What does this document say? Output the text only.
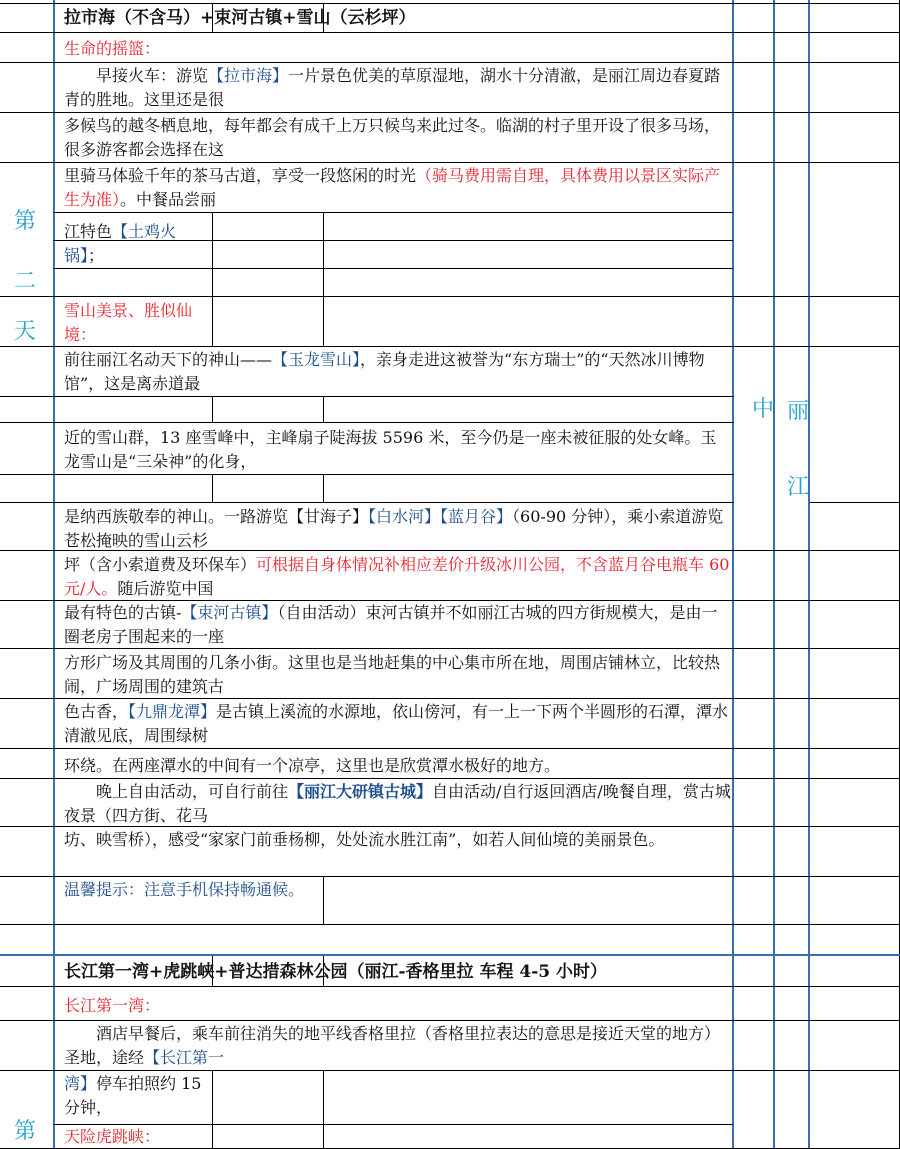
拉市海（不含马）+束河古镇+雪山（云杉坪）
第
二
天
生命的摇篮：
早接火车：游览【拉市海】一片景色优美的草原湿地，湖水十分清澈，是丽江周边春夏踏青的胜地。这里还是很
多候鸟的越冬栖息地，每年都会有成千上万只候鸟来此过冬。临湖的村子里开设了很多马场，很多游客都会选择在这
里骑马体验千年的茶马古道，享受一段悠闲的时光（骑马费用需自理，具体费用以景区实际产生为准）。中餐品尝丽
江特色【土鸡火锅】；
雪山美景、胜似仙境：
前往丽江名动天下的神山——【玉龙雪山】，亲身走进这被誉为“东方瑞士”的“天然冰川博物馆”，这是离赤道最
近的雪山群，13 座雪峰中，主峰扇子陡海拔 5596 米，至今仍是一座未被征服的处女峰。玉龙雪山是“三朵神”的化身，
是纳西族敬奉的神山。一路游览【甘海子】【白水河】【蓝月谷】（60-90 分钟），乘小索道游览苍松掩映的雪山云杉
坪（含小索道费及环保车）可根据自身体情况补相应差价升级冰川公园，不含蓝月谷电瓶车 60 元/人。随后游览中国
最有特色的古镇-【束河古镇】（自由活动）束河古镇并不如丽江古城的四方街规模大，是由一圈老房子围起来的一座
方形广场及其周围的几条小街。这里也是当地赶集的中心集市所在地，周围店铺林立，比较热闹，广场周围的建筑古
色古香，【九鼎龙潭】是古镇上溪流的水源地，依山傍河，有一上一下两个半圆形的石潭，潭水清澈见底，周围绿树
环绕。在两座潭水的中间有一个凉亭，这里也是欣赏潭水极好的地方。
晚上自由活动，可自行前往【丽江大研镇古城】自由活动/自行返回酒店/晚餐自理，赏古城夜景（四方街、花马
坊、映雪桥），感受“家家门前垂杨柳，处处流水胜江南”，如若人间仙境的美丽景色。
温馨提示：注意手机保持畅通候。
中 丽
江
长江第一湾+虎跳峡+普达措森林公园（丽江-香格里拉 车程 4-5 小时）
长江第一湾：
酒店早餐后，乘车前往消失的地平线香格里拉（香格里拉表达的意思是接近天堂的地方）圣地，途经【长江第一
湾】停车拍照约 15 分钟，
天险虎跳峡：
第
